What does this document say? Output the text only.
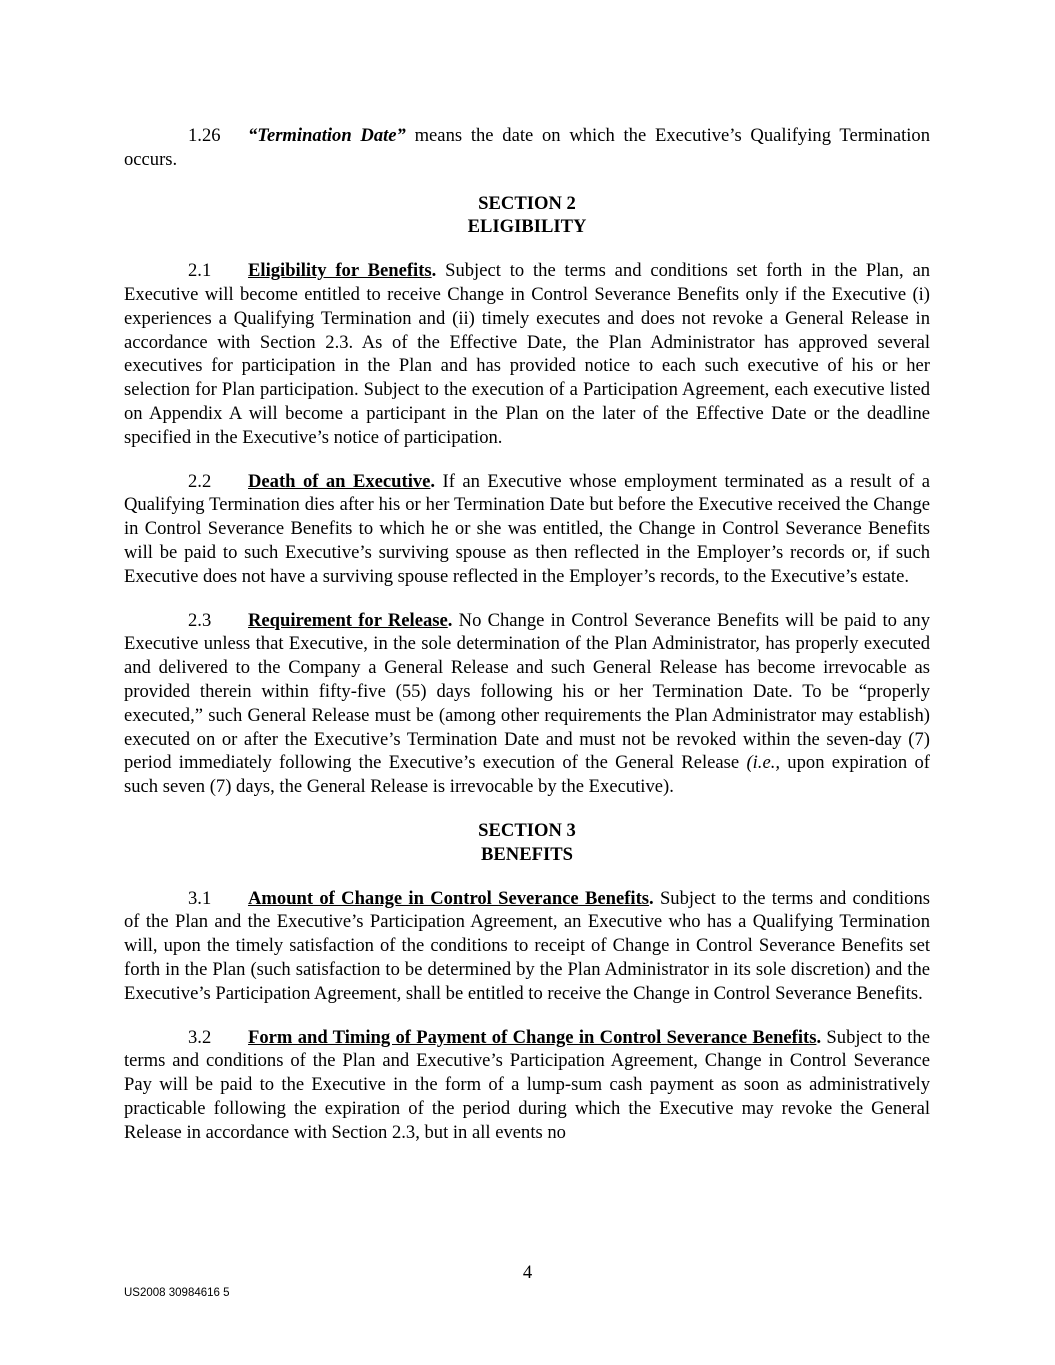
1.26 “Termination Date” means the date on which the Executive’s Qualifying Termination occurs.

SECTION 2
ELIGIBILITY

2.1 Eligibility for Benefits. Subject to the terms and conditions set forth in the Plan, an Executive will become entitled to receive Change in Control Severance Benefits only if the Executive (i) experiences a Qualifying Termination and (ii) timely executes and does not revoke a General Release in accordance with Section 2.3. As of the Effective Date, the Plan Administrator has approved several executives for participation in the Plan and has provided notice to each such executive of his or her selection for Plan participation. Subject to the execution of a Participation Agreement, each executive listed on Appendix A will become a participant in the Plan on the later of the Effective Date or the deadline specified in the Executive’s notice of participation.

2.2 Death of an Executive. If an Executive whose employment terminated as a result of a Qualifying Termination dies after his or her Termination Date but before the Executive received the Change in Control Severance Benefits to which he or she was entitled, the Change in Control Severance Benefits will be paid to such Executive’s surviving spouse as then reflected in the Employer’s records or, if such Executive does not have a surviving spouse reflected in the Employer’s records, to the Executive’s estate.

2.3 Requirement for Release. No Change in Control Severance Benefits will be paid to any Executive unless that Executive, in the sole determination of the Plan Administrator, has properly executed and delivered to the Company a General Release and such General Release has become irrevocable as provided therein within fifty-five (55) days following his or her Termination Date. To be “properly executed,” such General Release must be (among other requirements the Plan Administrator may establish) executed on or after the Executive’s Termination Date and must not be revoked within the seven-day (7) period immediately following the Executive’s execution of the General Release (i.e., upon expiration of such seven (7) days, the General Release is irrevocable by the Executive).

SECTION 3
BENEFITS

3.1 Amount of Change in Control Severance Benefits. Subject to the terms and conditions of the Plan and the Executive’s Participation Agreement, an Executive who has a Qualifying Termination will, upon the timely satisfaction of the conditions to receipt of Change in Control Severance Benefits set forth in the Plan (such satisfaction to be determined by the Plan Administrator in its sole discretion) and the Executive’s Participation Agreement, shall be entitled to receive the Change in Control Severance Benefits.

3.2 Form and Timing of Payment of Change in Control Severance Benefits. Subject to the terms and conditions of the Plan and Executive’s Participation Agreement, Change in Control Severance Pay will be paid to the Executive in the form of a lump-sum cash payment as soon as administratively practicable following the expiration of the period during which the Executive may revoke the General Release in accordance with Section 2.3, but in all events no

4
US2008 30984616 5
